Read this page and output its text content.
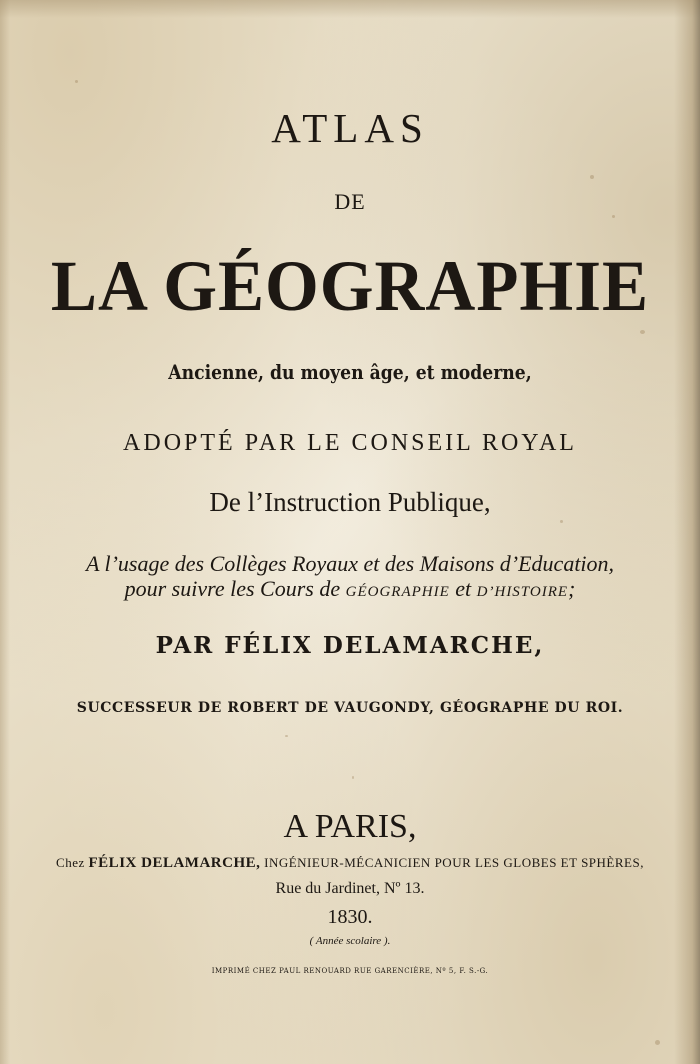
ATLAS
DE
LA GÉOGRAPHIE
Ancienne, du moyen âge, et moderne,
ADOPTÉ PAR LE CONSEIL ROYAL
De l’Instruction Publique,
A l’usage des Collèges Royaux et des Maisons d’Education,
pour suivre les Cours de GÉOGRAPHIE et D’HISTOIRE;
PAR FÉLIX DELAMARCHE,
SUCCESSEUR DE ROBERT DE VAUGONDY, GÉOGRAPHE DU ROI.
A PARIS,
Chez FÉLIX DELAMARCHE, INGÉNIEUR-MÉCANICIEN POUR LES GLOBES ET SPHÈRES,
Rue du Jardinet, Nº 13.
1830.
( Année scolaire ).
IMPRIMÉ CHEZ PAUL RENOUARD RUE GARENCIÈRE, Nº 5, F. S.-G.
